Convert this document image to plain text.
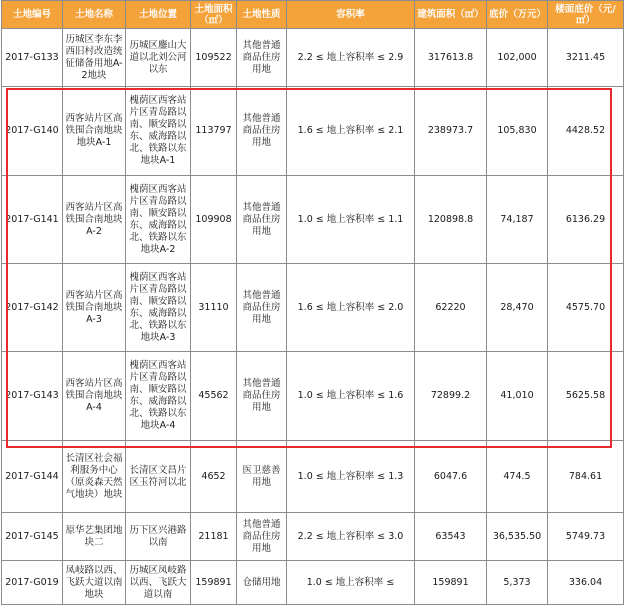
土地编号	土地名称	土地位置	土地面积（㎡）	土地性质	容积率	建筑面积（㎡）	底价（万元）	楼面底价（元/㎡）
2017-G133	历城区李东李西旧村改造统征储备用地A-2地块	历城区鏖山大道以北刘公河以东	109522	其他普通商品住房用地	2.2 ≤ 地上容积率 ≤ 2.9	317613.8	102,000	3211.45
2017-G140	西客站片区高铁围合南地块地块A-1	槐荫区西客站片区青岛路以南、顺安路以东、威海路以北、铁路以东地块A-1	113797	其他普通商品住房用地	1.6 ≤ 地上容积率 ≤ 2.1	238973.7	105,830	4428.52
2017-G141	西客站片区高铁围合南地块A-2	槐荫区西客站片区青岛路以南、顺安路以东、威海路以北、铁路以东地块A-2	109908	其他普通商品住房用地	1.0 ≤ 地上容积率 ≤ 1.1	120898.8	74,187	6136.29
2017-G142	西客站片区高铁围合南地块A-3	槐荫区西客站片区青岛路以南、顺安路以东、威海路以北、铁路以东地块A-3	31110	其他普通商品住房用地	1.6 ≤ 地上容积率 ≤ 2.0	62220	28,470	4575.70
2017-G143	西客站片区高铁围合南地块A-4	槐荫区西客站片区青岛路以南、顺安路以东、威海路以北、铁路以东地块A-4	45562	其他普通商品住房用地	1.0 ≤ 地上容积率 ≤ 1.6	72899.2	41,010	5625.58
2017-G144	长清区社会福利服务中心（原炎森天然气地块）地块	长清区文昌片区玉符河以北	4652	医卫慈善用地	1.0 ≤ 地上容积率 ≤ 1.3	6047.6	474.5	784.61
2017-G145	原华艺集团地块二	历下区兴港路以南	21181	其他普通商品住房用地	2.2 ≤ 地上容积率 ≤ 3.0	63543	36,535.50	5749.73
2017-G019	凤岐路以西、飞跃大道以南地块	历城区凤岐路以西、飞跃大道以南	159891	仓储用地	1.0 ≤ 地上容积率 ≤	159891	5,373	336.04
